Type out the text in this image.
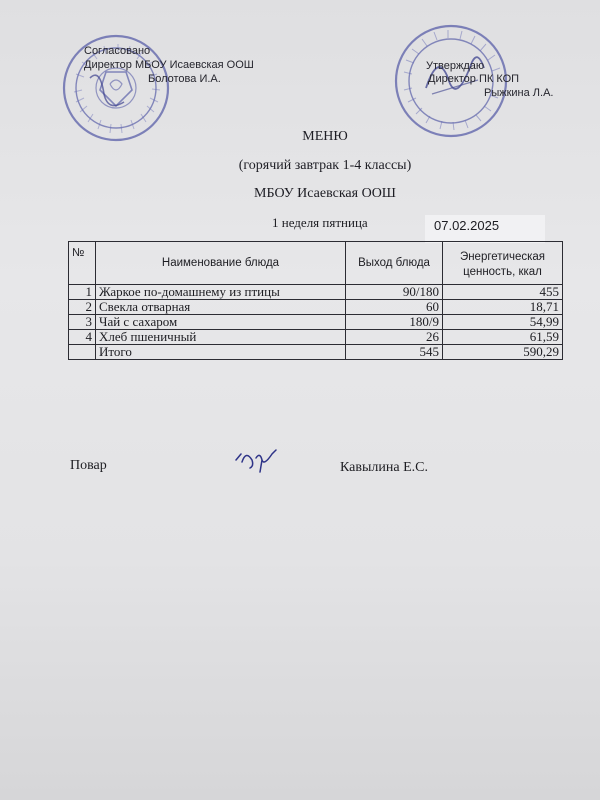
Согласовано
Директор МБОУ Исаевская ООШ
Болотова И.А.
Утверждаю
Директор ПК КОП
Рыжкина Л.А.
МЕНЮ
(горячий завтрак 1-4 классы)
МБОУ Исаевская ООШ
1 неделя пятница	07.02.2025
№	Наименование блюда	Выход блюда	Энергетическая ценность, ккал
1	Жаркое по-домашнему из птицы	90/180	455
2	Свекла отварная	60	18,71
3	Чай с сахаром	180/9	54,99
4	Хлеб пшеничный	26	61,59
	Итого	545	590,29
Повар	Кавылина Е.С.
